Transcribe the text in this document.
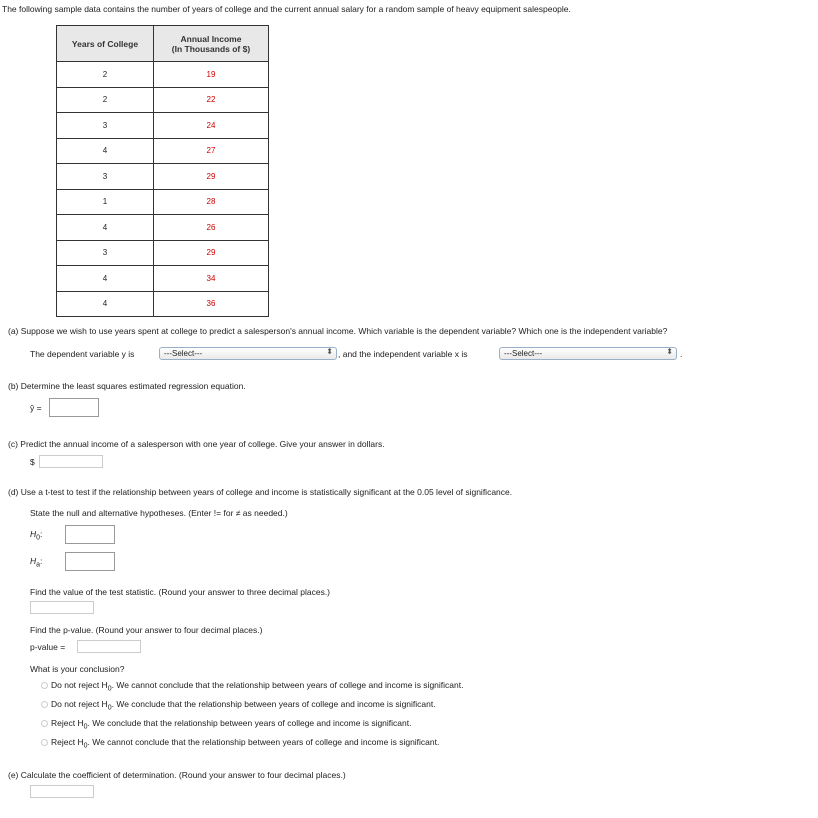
The following sample data contains the number of years of college and the current annual salary for a random sample of heavy equipment salespeople.
Years of College	Annual Income
(In Thousands of $)

2	19
2	22
3	24
4	27
3	29
1	28
4	26
3	29
4	34
4	36
(a) Suppose we wish to use years spent at college to predict a salesperson's annual income. Which variable is the dependent variable? Which one is the independent variable?
The dependent variable y is	---Select---	⬍ , and the independent variable x is	---Select---	⬍ .
(b) Determine the least squares estimated regression equation.
ŷ =
(c) Predict the annual income of a salesperson with one year of college. Give your answer in dollars.
$
(d) Use a t-test to test if the relationship between years of college and income is statistically significant at the 0.05 level of significance.
State the null and alternative hypotheses. (Enter != for ≠ as needed.)
$H_0$:
$H_a$:
Find the value of the test statistic. (Round your answer to three decimal places.)
Find the p-value. (Round your answer to four decimal places.)
p-value =
What is your conclusion?
Do not reject $H_0$. We cannot conclude that the relationship between years of college and income is significant.
Do not reject $H_0$. We conclude that the relationship between years of college and income is significant.
Reject $H_0$. We conclude that the relationship between years of college and income is significant.
Reject $H_0$. We cannot conclude that the relationship between years of college and income is significant.
(e) Calculate the coefficient of determination. (Round your answer to four decimal places.)
